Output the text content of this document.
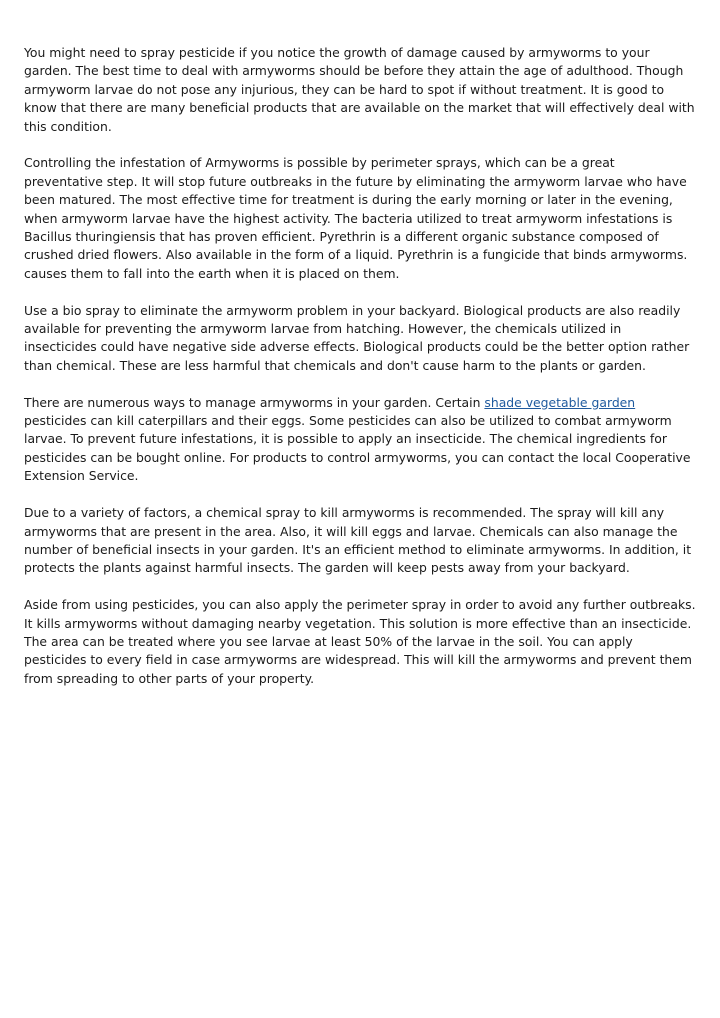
You might need to spray pesticide if you notice the growth of damage caused by armyworms to your garden. The best time to deal with armyworms should be before they attain the age of adulthood. Though armyworm larvae do not pose any injurious, they can be hard to spot if without treatment. It is good to know that there are many beneficial products that are available on the market that will effectively deal with this condition.

Controlling the infestation of Armyworms is possible by perimeter sprays, which can be a great preventative step. It will stop future outbreaks in the future by eliminating the armyworm larvae who have been matured. The most effective time for treatment is during the early morning or later in the evening, when armyworm larvae have the highest activity. The bacteria utilized to treat armyworm infestations is Bacillus thuringiensis that has proven efficient. Pyrethrin is a different organic substance composed of crushed dried flowers. Also available in the form of a liquid. Pyrethrin is a fungicide that binds armyworms. causes them to fall into the earth when it is placed on them.

Use a bio spray to eliminate the armyworm problem in your backyard. Biological products are also readily available for preventing the armyworm larvae from hatching. However, the chemicals utilized in insecticides could have negative side adverse effects. Biological products could be the better option rather than chemical. These are less harmful that chemicals and don't cause harm to the plants or garden.

There are numerous ways to manage armyworms in your garden. Certain shade vegetable garden pesticides can kill caterpillars and their eggs. Some pesticides can also be utilized to combat armyworm larvae. To prevent future infestations, it is possible to apply an insecticide. The chemical ingredients for pesticides can be bought online. For products to control armyworms, you can contact the local Cooperative Extension Service.

Due to a variety of factors, a chemical spray to kill armyworms is recommended. The spray will kill any armyworms that are present in the area. Also, it will kill eggs and larvae. Chemicals can also manage the number of beneficial insects in your garden. It's an efficient method to eliminate armyworms. In addition, it protects the plants against harmful insects. The garden will keep pests away from your backyard.

Aside from using pesticides, you can also apply the perimeter spray in order to avoid any further outbreaks. It kills armyworms without damaging nearby vegetation. This solution is more effective than an insecticide. The area can be treated where you see larvae at least 50% of the larvae in the soil. You can apply pesticides to every field in case armyworms are widespread. This will kill the armyworms and prevent them from spreading to other parts of your property.
